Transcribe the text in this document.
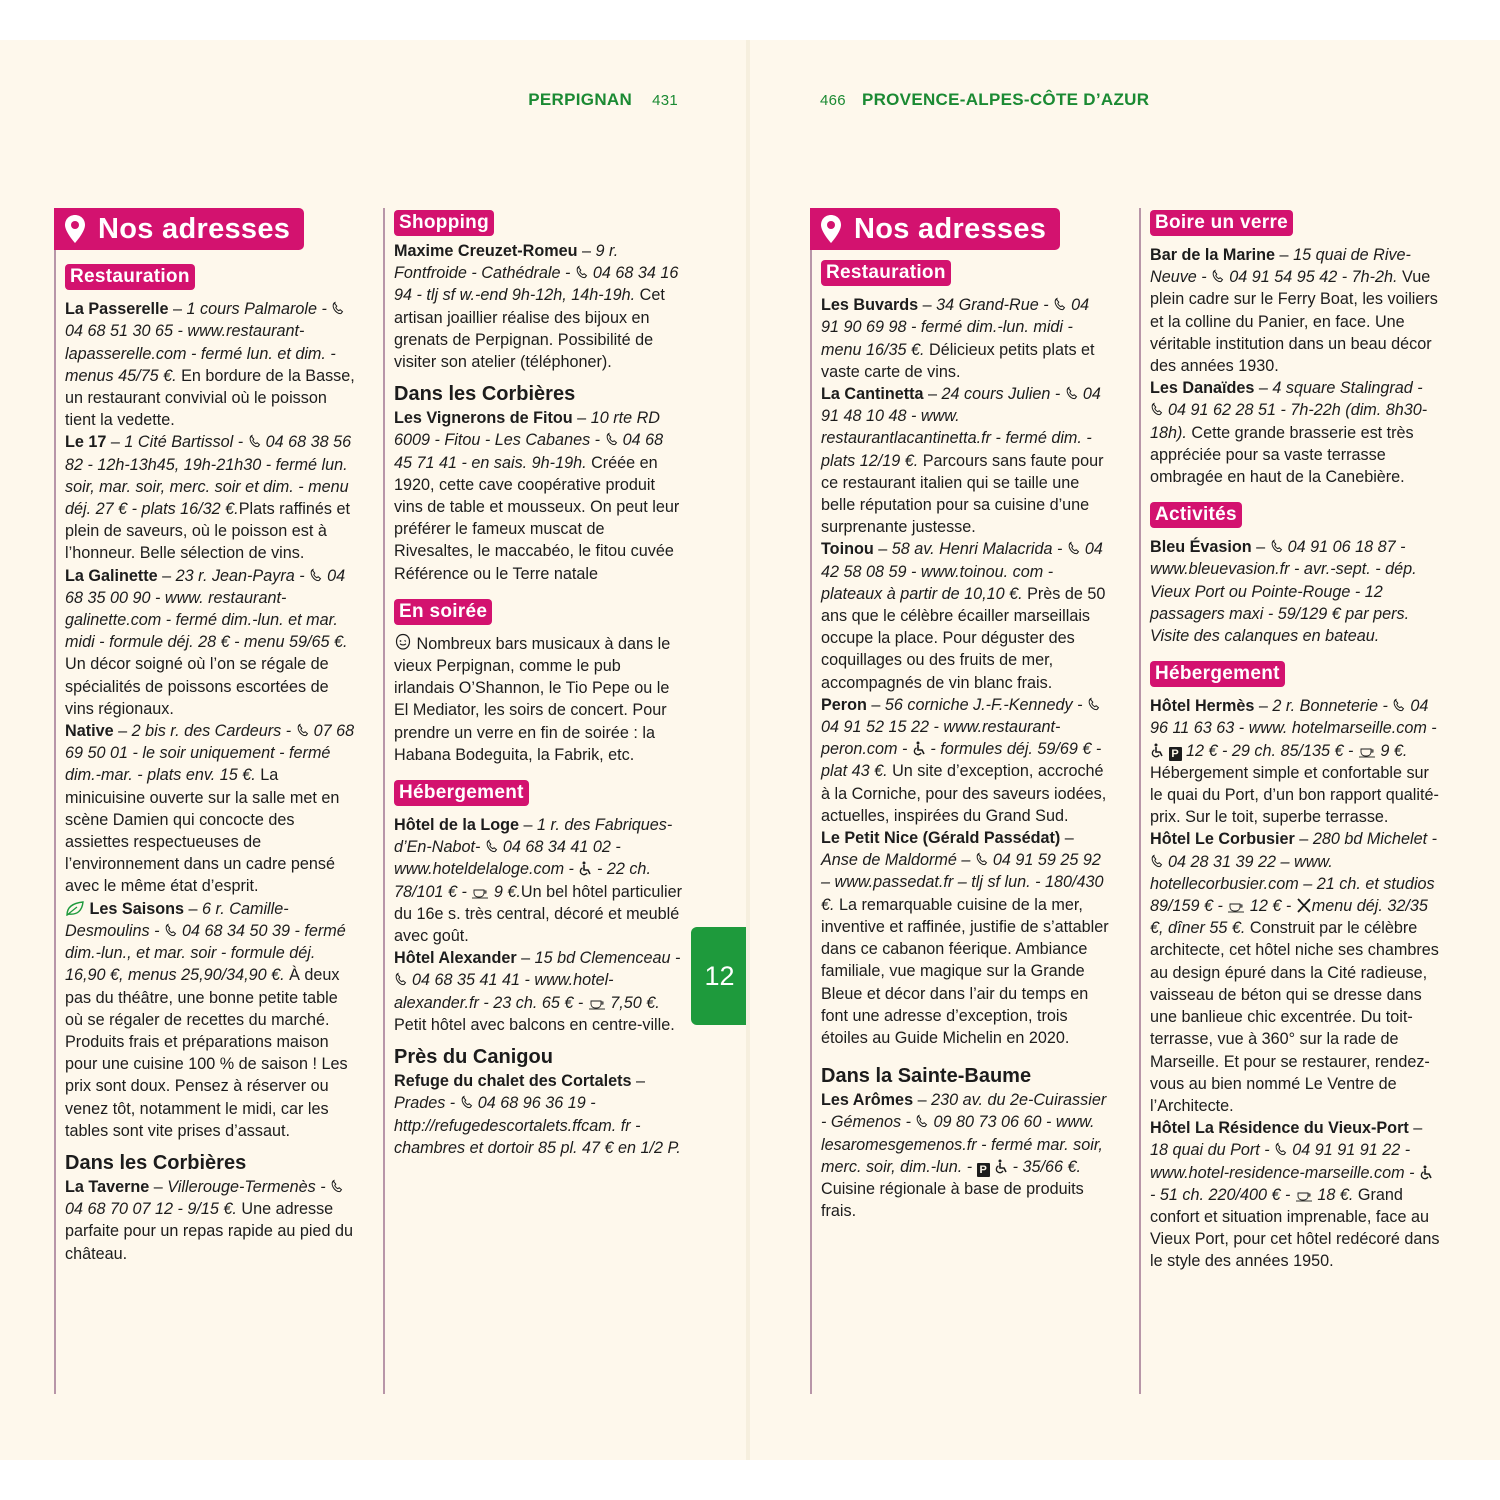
PERPIGNAN 431
Nos adresses
Restauration

La Passerelle – 1 cours Palmarole - 04 68 51 30 65 - www.restaurant-lapasserelle.com - fermé lun. et dim. - menus 45/75 €. En bordure de la Basse, un restaurant convivial où le poisson tient la vedette.

Le 17 – 1 Cité Bartissol - 04 68 38 56 82 - 12h-13h45, 19h-21h30 - fermé lun. soir, mar. soir, merc. soir et dim. - menu déj. 27 € - plats 16/32 €.Plats raffinés et plein de saveurs, où le poisson est à l’honneur. Belle sélection de vins.

La Galinette – 23 r. Jean-Payra - 04 68 35 00 90 - www. restaurant-galinette.com - fermé dim.-lun. et mar. midi - formule déj. 28 € - menu 59/65 €. Un décor soigné où l’on se régale de spécialités de poissons escortées de vins régionaux.

Native – 2 bis r. des Cardeurs - 07 68 69 50 01 - le soir uniquement - fermé dim.-mar. - plats env. 15 €. La minicuisine ouverte sur la salle met en scène Damien qui concocte des assiettes respectueuses de l’environnement dans un cadre pensé avec le même état d’esprit.

Les Saisons – 6 r. Camille-Desmoulins - 04 68 34 50 39 - fermé dim.-lun., et mar. soir - formule déj. 16,90 €, menus 25,90/34,90 €. À deux pas du théâtre, une bonne petite table où se régaler de recettes du marché. Produits frais et préparations maison pour une cuisine 100 % de saison ! Les prix sont doux. Pensez à réserver ou venez tôt, notamment le midi, car les tables sont vite prises d’assaut.

Dans les Corbières

La Taverne – Villerouge-Termenès - 04 68 70 07 12 - 9/15 €. Une adresse parfaite pour un repas rapide au pied du château.

Shopping

Maxime Creuzet-Romeu – 9 r. Fontfroide - Cathédrale - 04 68 34 16 94 - tlj sf w.-end 9h-12h, 14h-19h. Cet artisan joaillier réalise des bijoux en grenats de Perpignan. Possibilité de visiter son atelier (téléphoner).

Dans les Corbières

Les Vignerons de Fitou – 10 rte RD 6009 - Fitou - Les Cabanes - 04 68 45 71 41 - en sais. 9h-19h. Créée en 1920, cette cave coopérative produit vins de table et mousseux. On peut leur préférer le fameux muscat de Rivesaltes, le maccabéo, le fitou cuvée Référence ou le Terre natale

En soirée

Nombreux bars musicaux à dans le vieux Perpignan, comme le pub irlandais O’Shannon, le Tio Pepe ou le El Mediator, les soirs de concert. Pour prendre un verre en fin de soirée : la Habana Bodeguita, la Fabrik, etc.

Hébergement

Hôtel de la Loge – 1 r. des Fabriques-d’En-Nabot- 04 68 34 41 02 - www.hoteldelaloge.com -  - 22 ch. 78/101 € -  9 €.Un bel hôtel particulier du 16e s. très central, décoré et meublé avec goût.

Hôtel Alexander – 15 bd Clemenceau - 04 68 35 41 41 - www.hotel-alexander.fr - 23 ch. 65 € -  7,50 €. Petit hôtel avec balcons en centre-ville.

Près du Canigou

Refuge du chalet des Cortalets – Prades - 04 68 96 36 19 - http://refugedescortalets.ffcam. fr - chambres et dortoir 85 pl. 47 € en 1/2 P.

12
466 PROVENCE-ALPES-CÔTE D’AZUR
Nos adresses
Restauration

Les Buvards – 34 Grand-Rue - 04 91 90 69 98 - fermé dim.-lun. midi - menu 16/35 €. Délicieux petits plats et vaste carte de vins.

La Cantinetta – 24 cours Julien - 04 91 48 10 48 - www. restaurantlacantinetta.fr - fermé dim. - plats 12/19 €. Parcours sans faute pour ce restaurant italien qui se taille une belle réputation pour sa cuisine d’une surprenante justesse.

Toinou – 58 av. Henri Malacrida - 04 42 58 08 59 - www.toinou. com - plateaux à partir de 10,10 €. Près de 50 ans que le célèbre écailler marseillais occupe la place. Pour déguster des coquillages ou des fruits de mer, accompagnés de vin blanc frais.

Peron – 56 corniche J.-F.-Kennedy - 04 91 52 15 22 - www.restaurant-peron.com -  - formules déj. 59/69 € - plat 43 €. Un site d’exception, accroché à la Corniche, pour des saveurs iodées, actuelles, inspirées du Grand Sud.

Le Petit Nice (Gérald Passédat) – Anse de Maldormé – 04 91 59 25 92 – www.passedat.fr – tlj sf lun. - 180/430 €. La remarquable cuisine de la mer, inventive et raffinée, justifie de s’attabler dans ce cabanon féerique. Ambiance familiale, vue magique sur la Grande Bleue et décor dans l’air du temps en font une adresse d’exception, trois étoiles au Guide Michelin en 2020.

Dans la Sainte-Baume

Les Arômes – 230 av. du 2e-Cuirassier - Gémenos - 09 80 73 06 60 - www. lesaromesgemenos.fr - fermé mar. soir, merc. soir, dim.-lun. - P  - 35/66 €. Cuisine régionale à base de produits frais.

Boire un verre

Bar de la Marine – 15 quai de Rive-Neuve - 04 91 54 95 42 - 7h-2h. Vue plein cadre sur le Ferry Boat, les voiliers et la colline du Panier, en face. Une véritable institution dans un beau décor des années 1930.

Les Danaïdes – 4 square Stalingrad - 04 91 62 28 51 - 7h-22h (dim. 8h30-18h). Cette grande brasserie est très appréciée pour sa vaste terrasse ombragée en haut de la Canebière.

Activités

Bleu Évasion – 04 91 06 18 87 - www.bleuevasion.fr - avr.-sept. - dép. Vieux Port ou Pointe-Rouge - 12 passagers maxi - 59/129 € par pers. Visite des calanques en bateau.

Hébergement

Hôtel Hermès – 2 r. Bonneterie - 04 96 11 63 63 - www. hotelmarseille.com -  P 12 € - 29 ch. 85/135 € -  9 €. Hébergement simple et confortable sur le quai du Port, d’un bon rapport qualité-prix. Sur le toit, superbe terrasse.

Hôtel Le Corbusier – 280 bd Michelet - 04 28 31 39 22 – www. hotellecorbusier.com – 21 ch. et studios 89/159 € -  12 € - menu déj. 32/35 €, dîner 55 €. Construit par le célèbre architecte, cet hôtel niche ses chambres au design épuré dans la Cité radieuse, vaisseau de béton qui se dresse dans une banlieue chic excentrée. Du toit-terrasse, vue à 360° sur la rade de Marseille. Et pour se restaurer, rendez-vous au bien nommé Le Ventre de l’Architecte.

Hôtel La Résidence du Vieux-Port –18 quai du Port - 04 91 91 91 22 - www.hotel-residence-marseille.com -  - 51 ch. 220/400 € -  18 €. Grand confort et situation imprenable, face au Vieux Port, pour cet hôtel redécoré dans le style des années 1950.
